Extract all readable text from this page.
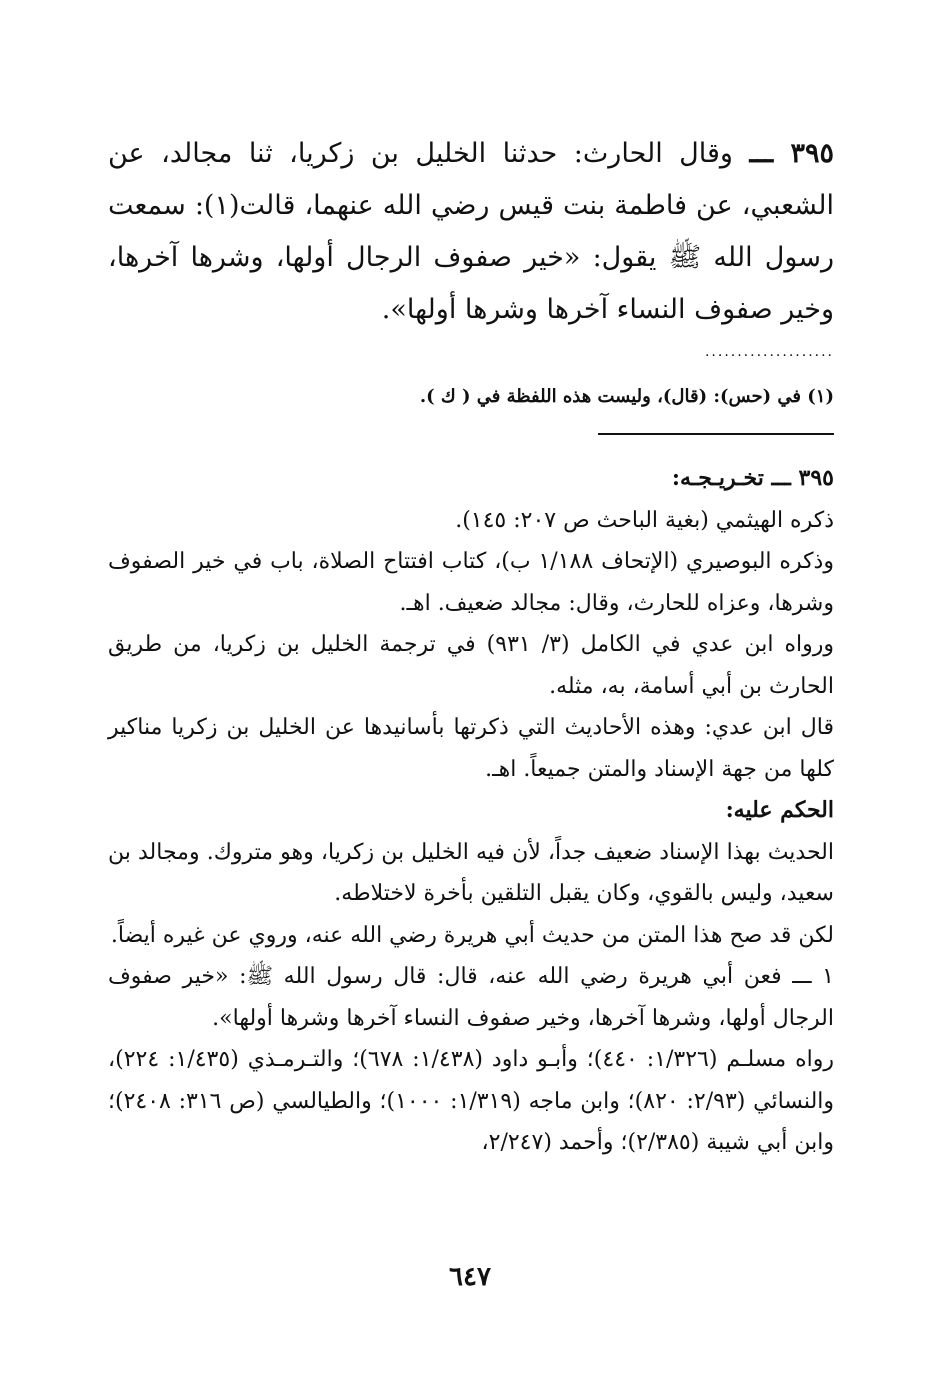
٣٩٥ ـــ وقال الحارث: حدثنا الخليل بن زكريا، ثنا مجالد، عن الشعبي، عن فاطمة بنت قيس رضي الله عنهما، قالت(١): سمعت رسول الله ﷺ يقول: «خير صفوف الرجال أولها، وشرها آخرها، وخير صفوف النساء آخرها وشرها أولها».
....................
(١) في (حس): (قال)، وليست هذه اللفظة في ( ك ).

٣٩٥ ـــ تخـريـجـه:

ذكره الهيثمي (بغية الباحث ص ٢٠٧: ١٤٥).

وذكره البوصيري (الإتحاف ١/١٨٨ ب)، كتاب افتتاح الصلاة، باب في خير الصفوف وشرها، وعزاه للحارث، وقال: مجالد ضعيف. اهـ.

ورواه ابن عدي في الكامل (٣/ ٩٣١) في ترجمة الخليل بن زكريا، من طريق الحارث بن أبي أسامة، به، مثله.

قال ابن عدي: وهذه الأحاديث التي ذكرتها بأسانيدها عن الخليل بن زكريا مناكير كلها من جهة الإسناد والمتن جميعاً. اهـ.

الحكم عليه:

الحديث بهذا الإسناد ضعيف جداً، لأن فيه الخليل بن زكريا، وهو متروك. ومجالد بن سعيد، وليس بالقوي، وكان يقبل التلقين بأخرة لاختلاطه.

لكن قد صح هذا المتن من حديث أبي هريرة رضي الله عنه، وروي عن غيره أيضاً.

١ ـــ فعن أبي هريرة رضي الله عنه، قال: قال رسول الله ﷺ: «خير صفوف الرجال أولها، وشرها آخرها، وخير صفوف النساء آخرها وشرها أولها».

رواه مسلـم (١/٣٢٦: ٤٤٠)؛ وأبـو داود (١/٤٣٨: ٦٧٨)؛ والتـرمـذي (١/٤٣٥: ٢٢٤)، والنسائي (٢/٩٣: ٨٢٠)؛ وابن ماجه (١/٣١٩: ١٠٠٠)؛ والطيالسي (ص ٣١٦: ٢٤٠٨)؛ وابن أبي شيبة (٢/٣٨٥)؛ وأحمد (٢/٢٤٧،

٦٤٧
